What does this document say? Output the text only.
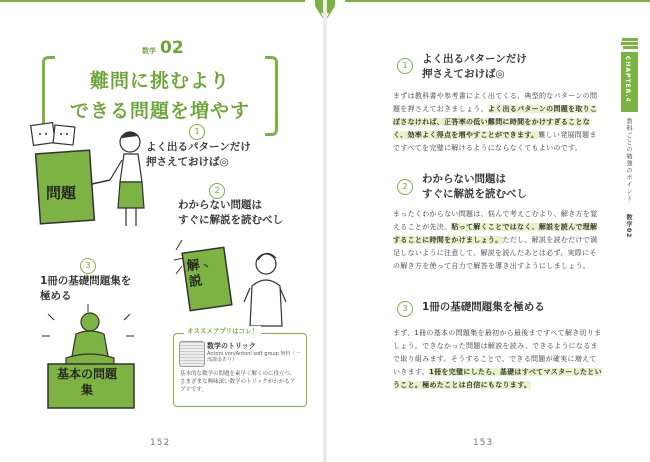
数学 02
難問に挑むより
できる問題を増やす
1
よく出るパターンだけ
押さえておけば◎
2
わからない問題は
すぐに解説を読むべし
3
1冊の基礎問題集を
極める
問題
解説
基本の問題集
オススメアプリはコレ！
数学のトリック
Antoni von/Antoni soft group 無料（一部課金あり）
基本的な数学の問題を素早く解くのに役立つ、さまざまな興味深い数学のトリックがわかるアプリです。
152
1
よく出るパターンだけ
押さえておけば◎
まずは教科書や参考書によく出てくる、典型的なパターンの問題を押さえておきましょう。よく出るパターンの問題を取りこぼさなければ、正答率の低い難問に時間をかけすぎることなく、効率よく得点を増やすことができます。難しい発展問題まですべてを完璧に解けるようにならなくてもよいのです。
2
わからない問題は
すぐに解説を読むべし
まったくわからない問題は、悩んで考えこむより、解き方を覚えることが先決。粘って解くことではなく、解説を読んで理解することに時間をかけましょう。ただし、解説を読むだけで満足しないように注意して。解説を読んだあとは必ず、実際にその解き方を使って自力で解答を導き出すようにしましょう。
3	1冊の基礎問題集を極める
まず、1冊の基本の問題集を最初から最後まですべて解き切りましょう。できなかった問題は解説を読み、できるようになるまで取り組みます。そうすることで、できる問題が確実に増えていきます。1冊を完璧にしたら、基礎はすべてマスターしたということ。極めたことは自信にもなります。
CHAPTER.4
教科ごとの勉強のポイント
数学02
153
